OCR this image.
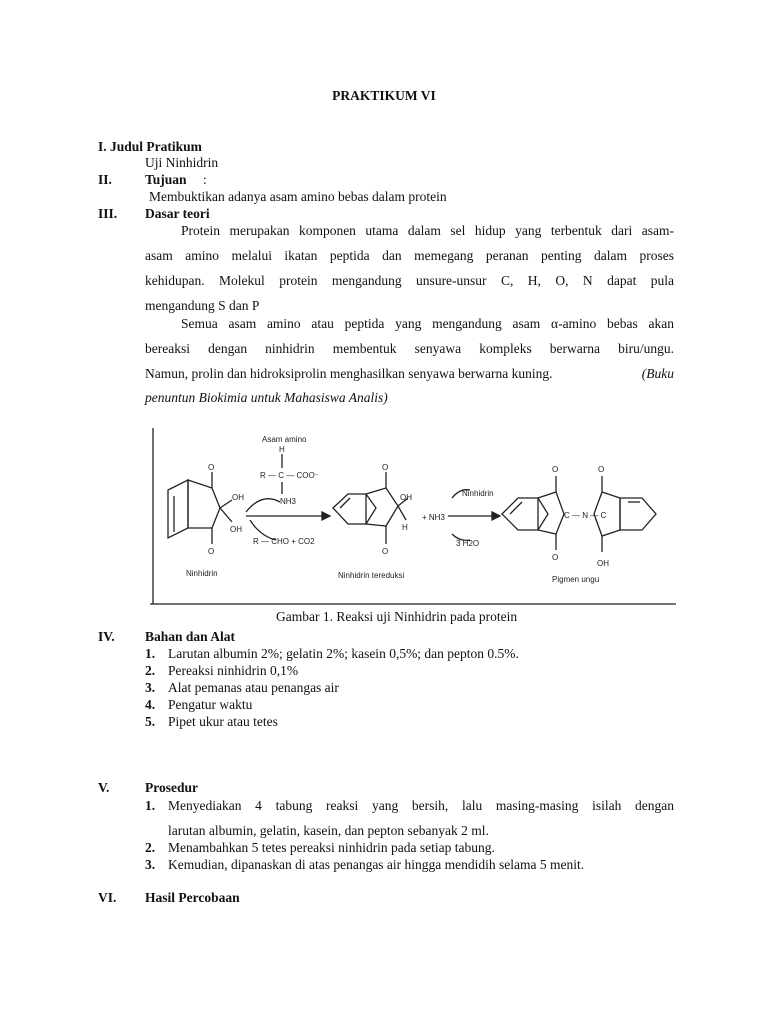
PRAKTIKUM VI
I. Judul Pratikum
Uji Ninhidrin
II. Tujuan :
Membuktikan adanya asam amino bebas dalam protein
III. Dasar teori
Protein merupakan komponen utama dalam sel hidup yang terbentuk dari asam-
asam amino melalui ikatan peptida dan memegang peranan penting dalam proses
kehidupan. Molekul protein mengandung unsure-unsur C, H, O, N dapat pula
mengandung S dan P
Semua asam amino atau peptida yang mengandung asam α-amino bebas akan
bereaksi dengan ninhidrin membentuk senyawa kompleks berwarna biru/ungu.
Namun, prolin dan hidroksiprolin menghasilkan senyawa berwarna kuning.	(Buku
penuntun Biokimia untuk Mahasiswa Analis)
Asam amino
H
R — C — COO⁻
NH3
R — CHO + CO2
O
O
OH
OH
Ninhidrin
O
O
OH
H
Ninhidrin tereduksi
+ NH3
Ninhidrin
3 H2O
O
O
O
OH
C — N — C
Pigmen ungu
Gambar 1. Reaksi uji Ninhidrin pada protein
IV. Bahan dan Alat
1. Larutan albumin 2%; gelatin 2%; kasein 0,5%; dan pepton 0.5%.
2. Pereaksi ninhidrin 0,1%
3. Alat pemanas atau penangas air
4. Pengatur waktu
5. Pipet ukur atau tetes
V.	Prosedur
1. Menyediakan 4 tabung reaksi yang bersih, lalu masing-masing isilah dengan
larutan albumin, gelatin, kasein, dan pepton sebanyak 2 ml.
2. Menambahkan 5 tetes pereaksi ninhidrin pada setiap tabung.
3. Kemudian, dipanaskan di atas penangas air hingga mendidih selama 5 menit.
VI. Hasil Percobaan
